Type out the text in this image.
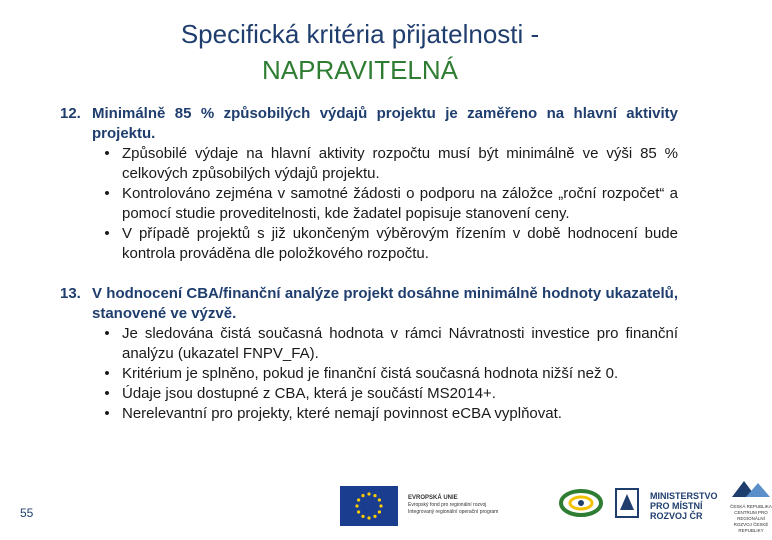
Specifická kritéria přijatelnosti -
NAPRAVITELNÁ
12. Minimálně 85 % způsobilých výdajů projektu je zaměřeno na hlavní aktivity projektu.
• Způsobilé výdaje na hlavní aktivity rozpočtu musí být minimálně ve výši 85 % celkových způsobilých výdajů projektu.
• Kontrolováno zejména v samotné žádosti o podporu na záložce „roční rozpočet“ a pomocí studie proveditelnosti, kde žadatel popisuje stanovení ceny.
• V případě projektů s již ukončeným výběrovým řízením v době hodnocení bude kontrola prováděna dle položkového rozpočtu.
13. V hodnocení CBA/finanční analýze projekt dosáhne minimálně hodnoty ukazatelů, stanovené ve výzvě.
• Je sledována čistá současná hodnota v rámci Návratnosti investice pro finanční analýzu (ukazatel FNPV_FA).
• Kritérium je splněno, pokud je finanční čistá současná hodnota nižší než 0.
• Údaje jsou dostupné z CBA, která je součástí MS2014+.
• Nerelevantní pro projekty, které nemají povinnost eCBA vyplňovat.
55
EVROPSKÁ UNIE
Evropský fond pro regionální rozvoj
Integrovaný regionální operační program
MINISTERSTVO
PRO MÍSTNÍ
ROZVOJ ČR
ČESKÁ REPUBLIKA CENTRUM PRO REGIONÁLNÍ ROZVOJ ČESKÉ REPUBLIKY
